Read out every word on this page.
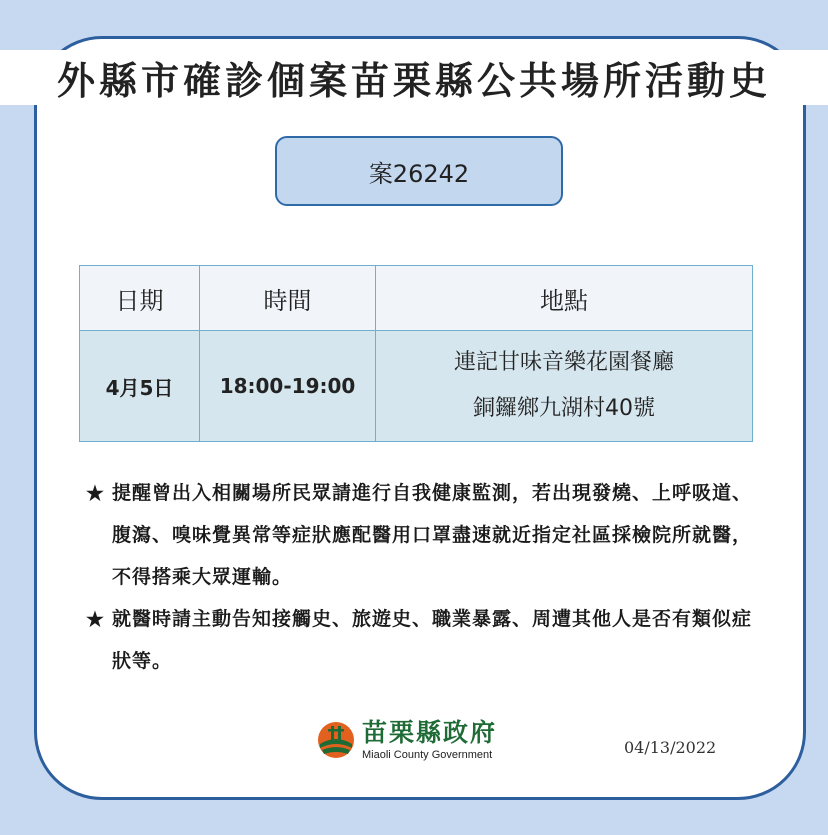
外縣市確診個案苗栗縣公共場所活動史
案26242
日期	時間	地點
4月5日	18:00-19:00	連記甘味音樂花園餐廳
銅鑼鄉九湖村40號
★ 提醒曾出入相關場所民眾請進行自我健康監測，若出現發燒、上呼吸道、腹瀉、嗅味覺異常等症狀應配醫用口罩盡速就近指定社區採檢院所就醫，不得搭乘大眾運輸。
★ 就醫時請主動告知接觸史、旅遊史、職業暴露、周遭其他人是否有類似症狀等。
苗栗縣政府
Miaoli County Government	04/13/2022
